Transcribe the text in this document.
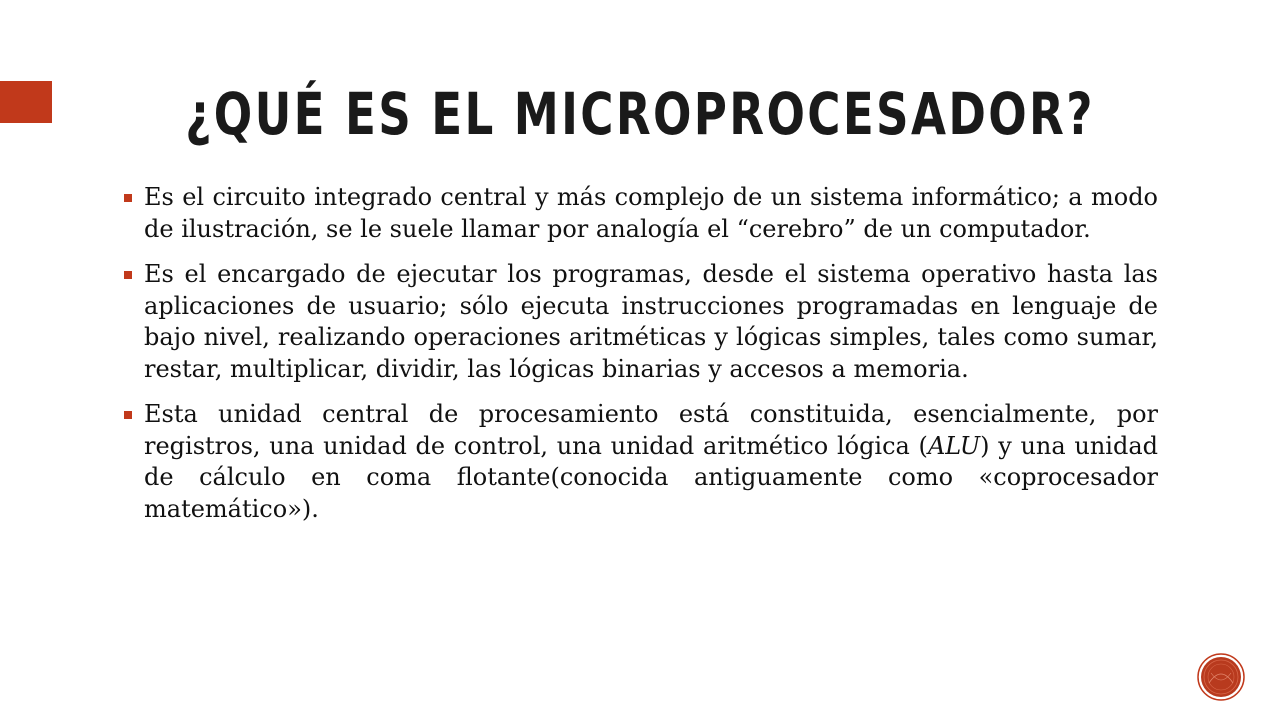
¿QUÉ ES EL MICROPROCESADOR?
Es el circuito integrado central y más complejo de un sistema informático; a modo de ilustración, se le suele llamar por analogía el “cerebro” de un computador.
Es el encargado de ejecutar los programas, desde el sistema operativo hasta las aplicaciones de usuario; sólo ejecuta instrucciones programadas en lenguaje de bajo nivel, realizando operaciones aritméticas y lógicas simples, tales como sumar, restar, multiplicar, dividir, las lógicas binarias y accesos a memoria.
Esta unidad central de procesamiento está constituida, esencialmente, por registros, una unidad de control, una unidad aritmético lógica (ALU) y una unidad de cálculo en coma flotante(conocida antiguamente como «coprocesador matemático»).
